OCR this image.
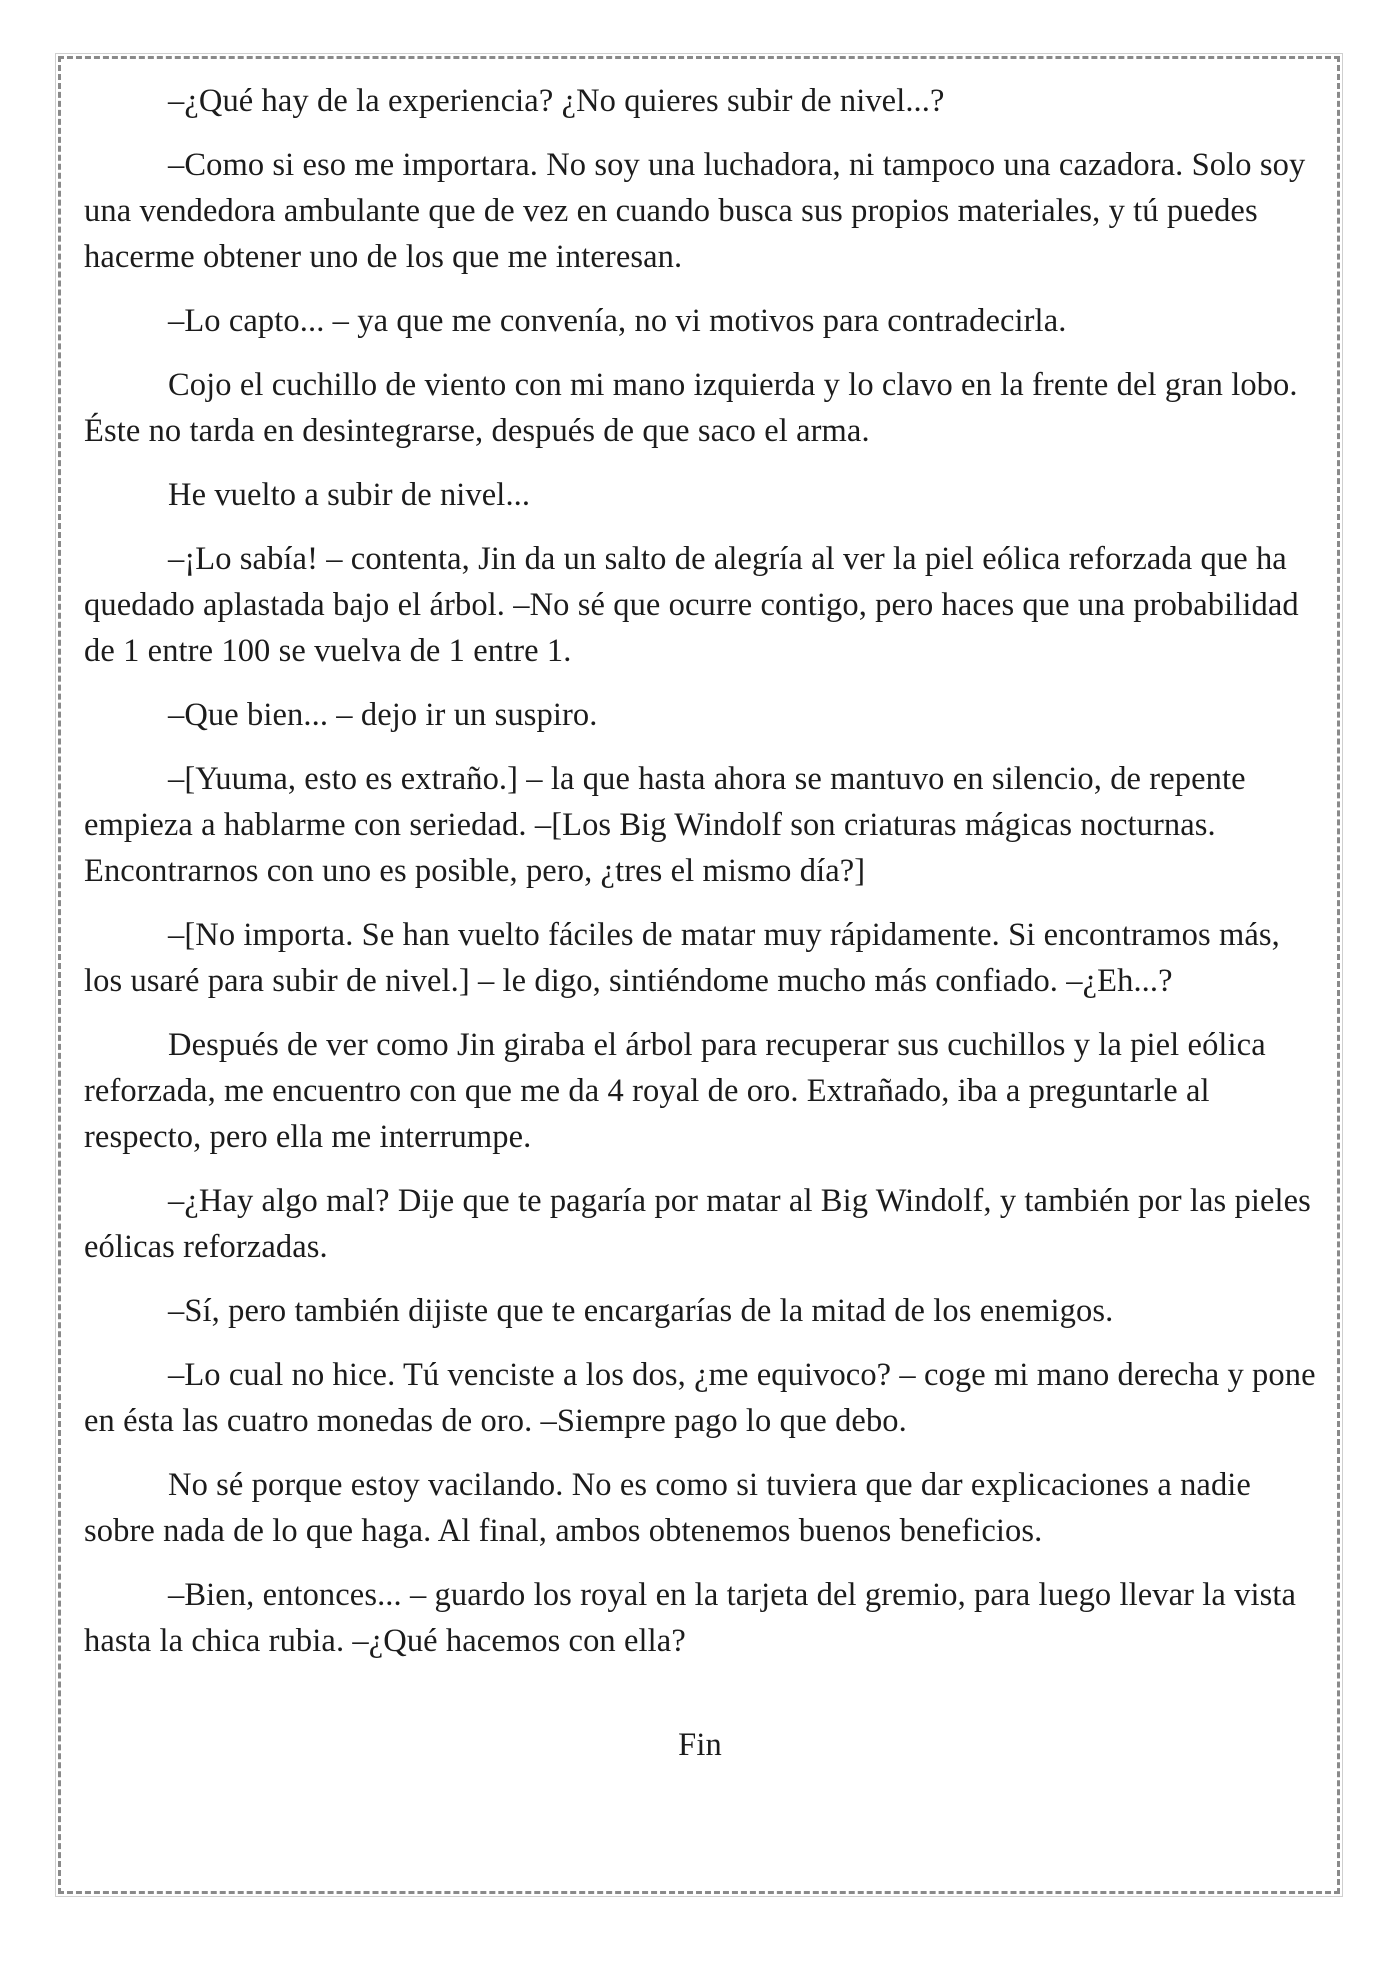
–¿Qué hay de la experiencia? ¿No quieres subir de nivel...?

–Como si eso me importara. No soy una luchadora, ni tampoco una cazadora. Solo soy una vendedora ambulante que de vez en cuando busca sus propios materiales, y tú puedes hacerme obtener uno de los que me interesan.

–Lo capto... – ya que me convenía, no vi motivos para contradecirla.

Cojo el cuchillo de viento con mi mano izquierda y lo clavo en la frente del gran lobo. Éste no tarda en desintegrarse, después de que saco el arma.

He vuelto a subir de nivel...

–¡Lo sabía! – contenta, Jin da un salto de alegría al ver la piel eólica reforzada que ha quedado aplastada bajo el árbol. –No sé que ocurre contigo, pero haces que una probabilidad de 1 entre 100 se vuelva de 1 entre 1.

–Que bien... – dejo ir un suspiro.

–[Yuuma, esto es extraño.] – la que hasta ahora se mantuvo en silencio, de repente empieza a hablarme con seriedad. –[Los Big Windolf son criaturas mágicas nocturnas. Encontrarnos con uno es posible, pero, ¿tres el mismo día?]

–[No importa. Se han vuelto fáciles de matar muy rápidamente. Si encontramos más, los usaré para subir de nivel.] – le digo, sintiéndome mucho más confiado. –¿Eh...?

Después de ver como Jin giraba el árbol para recuperar sus cuchillos y la piel eólica reforzada, me encuentro con que me da 4 royal de oro. Extrañado, iba a preguntarle al respecto, pero ella me interrumpe.

–¿Hay algo mal? Dije que te pagaría por matar al Big Windolf, y también por las pieles eólicas reforzadas.

–Sí, pero también dijiste que te encargarías de la mitad de los enemigos.

–Lo cual no hice. Tú venciste a los dos, ¿me equivoco? – coge mi mano derecha y pone en ésta las cuatro monedas de oro. –Siempre pago lo que debo.

No sé porque estoy vacilando. No es como si tuviera que dar explicaciones a nadie sobre nada de lo que haga. Al final, ambos obtenemos buenos beneficios.

–Bien, entonces... – guardo los royal en la tarjeta del gremio, para luego llevar la vista hasta la chica rubia. –¿Qué hacemos con ella?

Fin
